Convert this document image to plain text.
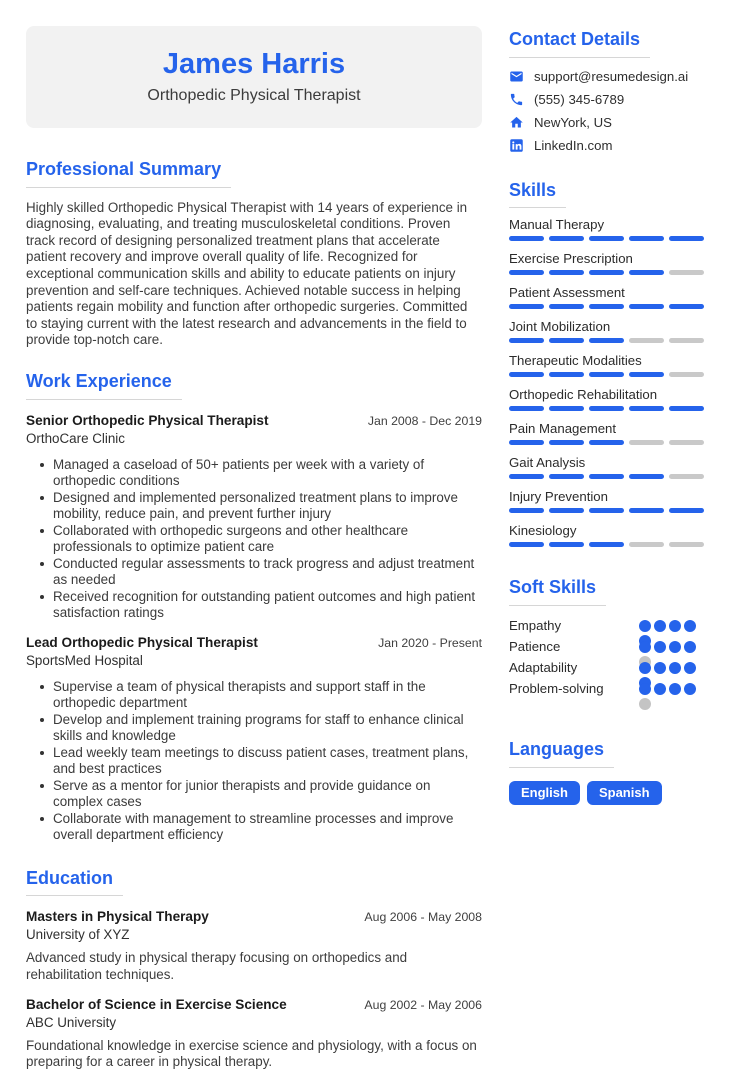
James Harris
Orthopedic Physical Therapist
Professional Summary

Highly skilled Orthopedic Physical Therapist with 14 years of experience in diagnosing, evaluating, and treating musculoskeletal conditions. Proven track record of designing personalized treatment plans that accelerate patient recovery and improve overall quality of life. Recognized for exceptional communication skills and ability to educate patients on injury prevention and self-care techniques. Achieved notable success in helping patients regain mobility and function after orthopedic surgeries. Committed to staying current with the latest research and advancements in the field to provide top-notch care.

Work Experience
Senior Orthopedic Physical Therapist	Jan 2008 - Dec 2019
OrthoCare Clinic
Managed a caseload of 50+ patients per week with a variety of orthopedic conditions
Designed and implemented personalized treatment plans to improve mobility, reduce pain, and prevent further injury
Collaborated with orthopedic surgeons and other healthcare professionals to optimize patient care
Conducted regular assessments to track progress and adjust treatment as needed
Received recognition for outstanding patient outcomes and high patient satisfaction ratings
Lead Orthopedic Physical Therapist	Jan 2020 - Present
SportsMed Hospital
Supervise a team of physical therapists and support staff in the orthopedic department
Develop and implement training programs for staff to enhance clinical skills and knowledge
Lead weekly team meetings to discuss patient cases, treatment plans, and best practices
Serve as a mentor for junior therapists and provide guidance on complex cases
Collaborate with management to streamline processes and improve overall department efficiency
Education
Masters in Physical Therapy	Aug 2006 - May 2008
University of XYZ

Advanced study in physical therapy focusing on orthopedics and rehabilitation techniques.

Bachelor of Science in Exercise Science	Aug 2002 - May 2006
ABC University

Foundational knowledge in exercise science and physiology, with a focus on preparing for a career in physical therapy.

Contact Details
support@resumedesign.ai
(555) 345-6789
NewYork, US
LinkedIn.com
Skills
Manual Therapy
Exercise Prescription
Patient Assessment
Joint Mobilization
Therapeutic Modalities
Orthopedic Rehabilitation
Pain Management
Gait Analysis
Injury Prevention
Kinesiology
Soft Skills
Empathy
Patience
Adaptability
Problem-solving
Languages
English	Spanish
